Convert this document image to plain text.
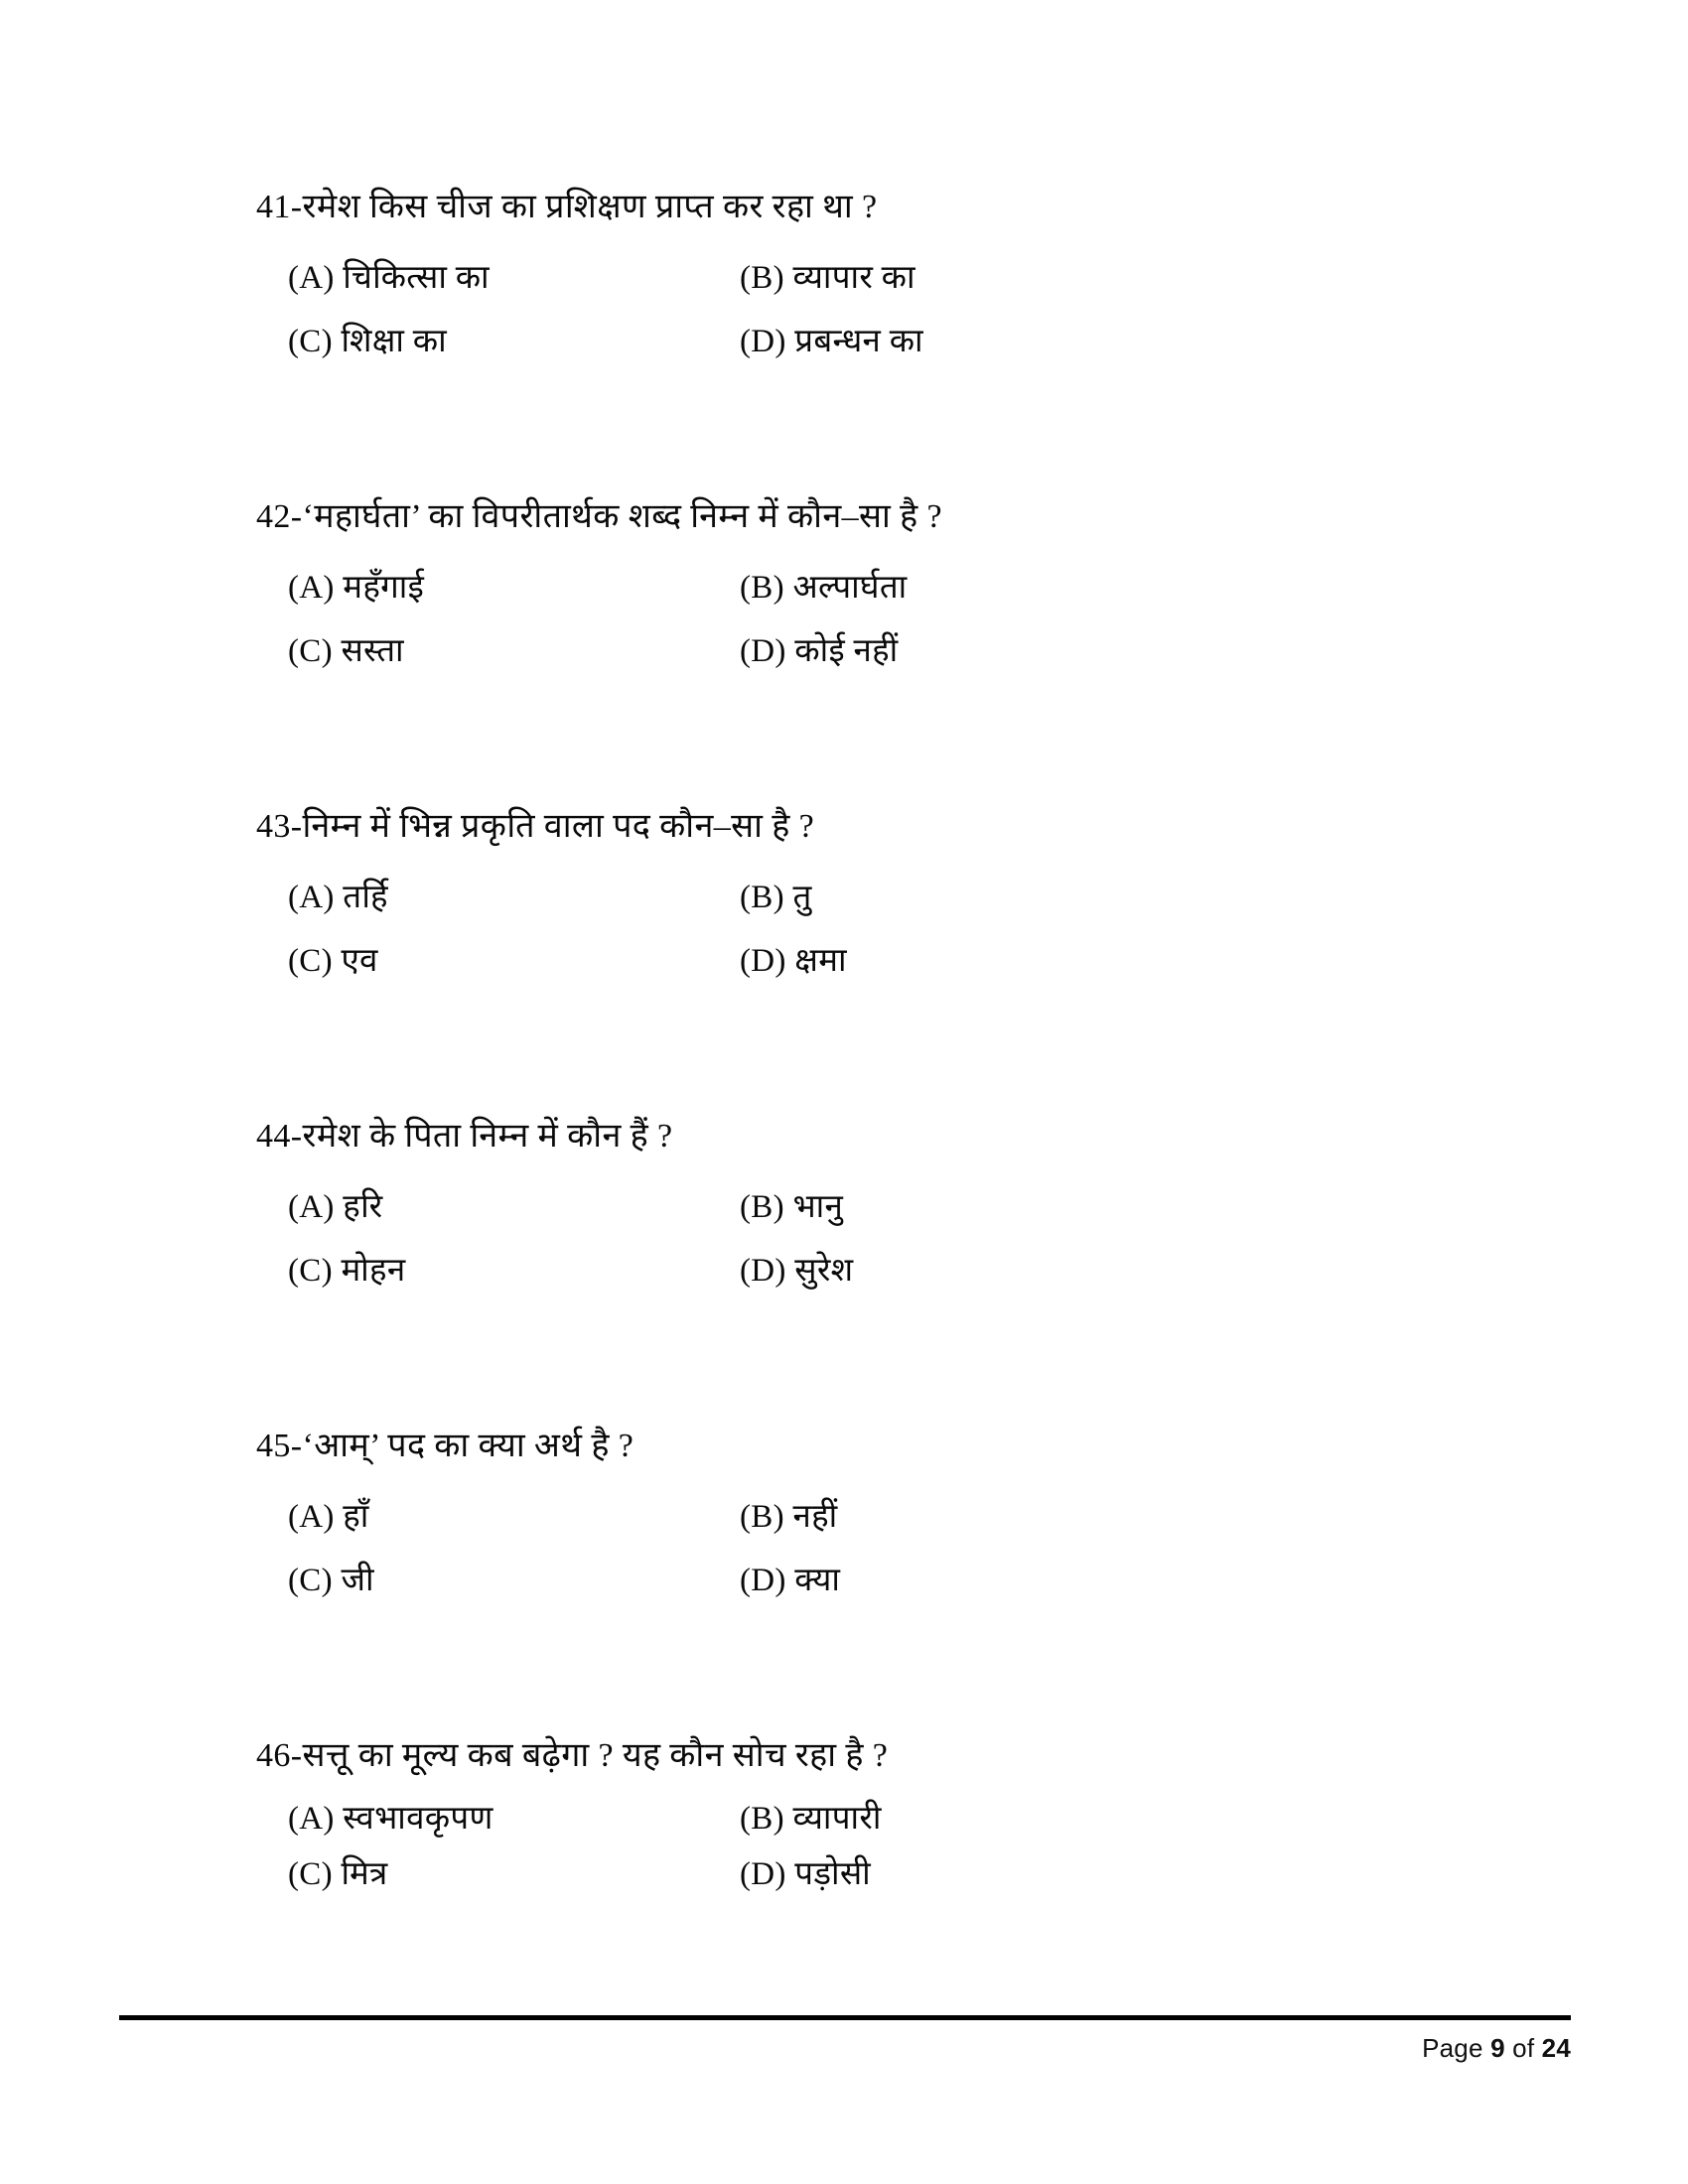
41-रमेश किस चीज का प्रशिक्षण प्राप्त कर रहा था ?
(A) चिकित्सा का	(B) व्यापार का
(C) शिक्षा का	(D) प्रबन्धन का
42-‘महार्घता’ का विपरीतार्थक शब्द निम्न में कौन–सा है ?
(A) महँगाई	(B) अल्पार्घता
(C) सस्ता	(D) कोई नहीं
43-निम्न में भिन्न प्रकृति वाला पद कौन–सा है ?
(A) तर्हि	(B) तु
(C) एव	(D) क्षमा
44-रमेश के पिता निम्न में कौन हैं ?
(A) हरि	(B) भानु
(C) मोहन	(D) सुरेश
45-‘आम्’ पद का क्या अर्थ है ?
(A) हाँ	(B) नहीं
(C) जी	(D) क्या
46-सत्तू का मूल्य कब बढ़ेगा ? यह कौन सोच रहा है ?
(A) स्वभावकृपण	(B) व्यापारी
(C) मित्र	(D) पड़ोसी
Page 9 of 24
